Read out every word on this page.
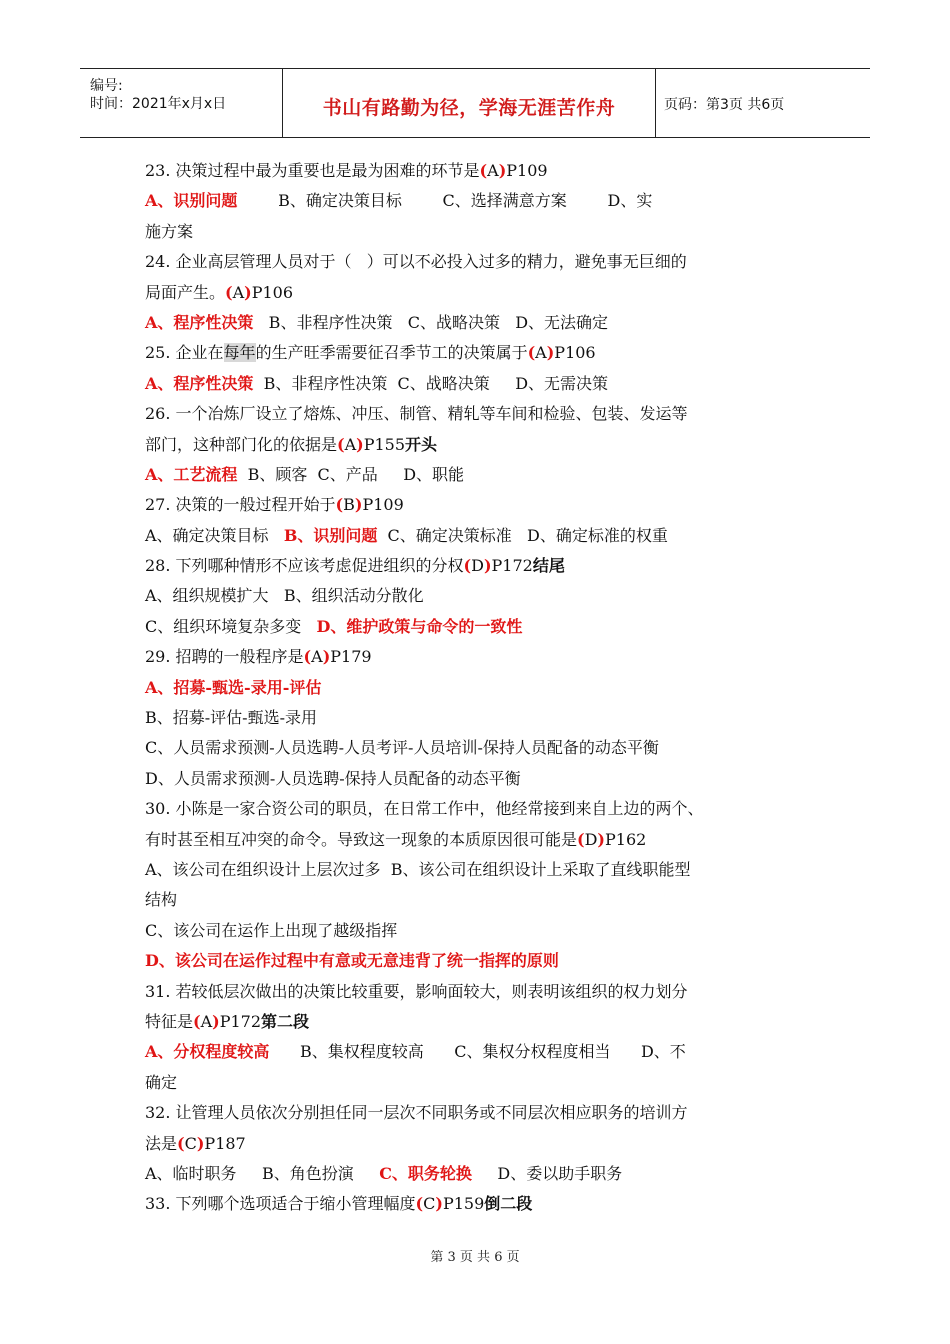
编号:
时间：2021年x月x日	书山有路勤为径，学海无涯苦作舟	页码：第3页 共6页
23. 决策过程中最为重要也是最为困难的环节是(A)P109
A、识别问题        B、确定决策目标        C、选择满意方案        D、实
施方案
24. 企业高层管理人员对于（   ）可以不必投入过多的精力，避免事无巨细的
局面产生。(A)P106
A、程序性决策   B、非程序性决策   C、战略决策   D、无法确定
25. 企业在每年的生产旺季需要征召季节工的决策属于(A)P106
A、程序性决策  B、非程序性决策  C、战略决策     D、无需决策
26. 一个冶炼厂设立了熔炼、冲压、制管、精轧等车间和检验、包装、发运等
部门，这种部门化的依据是(A)P155开头
A、工艺流程  B、顾客  C、产品     D、职能
27. 决策的一般过程开始于(B)P109
A、确定决策目标   B、识别问题  C、确定决策标准   D、确定标准的权重
28. 下列哪种情形不应该考虑促进组织的分权(D)P172结尾
A、组织规模扩大   B、组织活动分散化
C、组织环境复杂多变   D、维护政策与命令的一致性
29. 招聘的一般程序是(A)P179
A、招募-甄选-录用-评估
B、招募-评估-甄选-录用
C、人员需求预测-人员选聘-人员考评-人员培训-保持人员配备的动态平衡
D、人员需求预测-人员选聘-保持人员配备的动态平衡
30. 小陈是一家合资公司的职员，在日常工作中，他经常接到来自上边的两个、
有时甚至相互冲突的命令。导致这一现象的本质原因很可能是(D)P162
A、该公司在组织设计上层次过多  B、该公司在组织设计上采取了直线职能型
结构
C、该公司在运作上出现了越级指挥
D、该公司在运作过程中有意或无意违背了统一指挥的原则
31. 若较低层次做出的决策比较重要，影响面较大，则表明该组织的权力划分
特征是(A)P172第二段
A、分权程度较高      B、集权程度较高      C、集权分权程度相当      D、不
确定
32. 让管理人员依次分别担任同一层次不同职务或不同层次相应职务的培训方
法是(C)P187
A、临时职务     B、角色扮演     C、职务轮换     D、委以助手职务
33. 下列哪个选项适合于缩小管理幅度(C)P159倒二段
第 3 页 共 6 页
